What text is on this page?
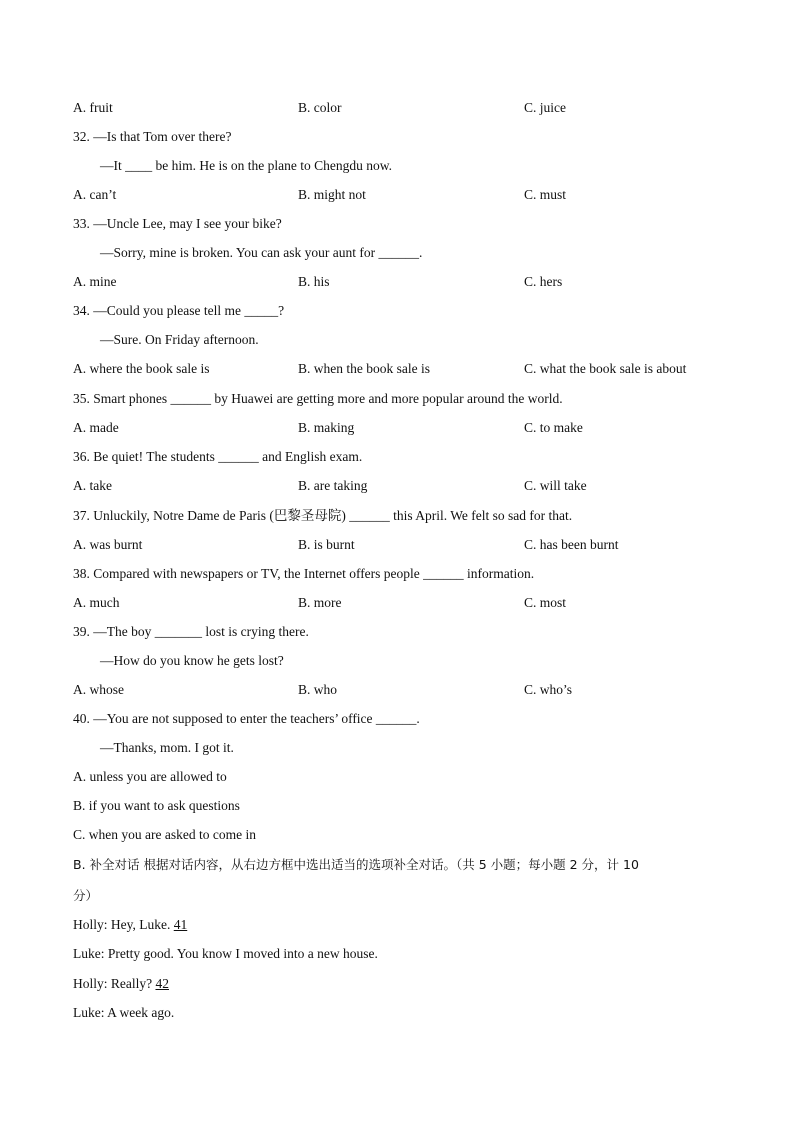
A. fruit	B. color	C. juice
32. —Is that Tom over there?
—It ____ be him. He is on the plane to Chengdu now.
A. can’t	B. might not	C. must
33. —Uncle Lee, may I see your bike?
—Sorry, mine is broken. You can ask your aunt for ______.
A. mine	B. his	C. hers
34. —Could you please tell me _____?
—Sure. On Friday afternoon.
A. where the book sale is	B. when the book sale is	C. what the book sale is about
35. Smart phones ______ by Huawei are getting more and more popular around the world.
A. made	B. making	C. to make
36. Be quiet! The students ______ and English exam.
A. take	B. are taking	C. will take
37. Unluckily, Notre Dame de Paris (巴黎圣母院) ______ this April. We felt so sad for that.
A. was burnt	B. is burnt	C. has been burnt
38. Compared with newspapers or TV, the Internet offers people ______ information.
A. much	B. more	C. most
39. —The boy _______ lost is crying there.
—How do you know he gets lost?
A. whose	B. who	C. who’s
40. —You are not supposed to enter the teachers’ office ______.
—Thanks, mom. I got it.
A. unless you are allowed to
B. if you want to ask questions
C. when you are asked to come in
B. 补全对话 根据对话内容，从右边方框中选出适当的选项补全对话。（共 5 小题；每小题 2 分，计 10
分）
Holly: Hey, Luke. 41
Luke: Pretty good. You know I moved into a new house.
Holly: Really? 42
Luke: A week ago.
